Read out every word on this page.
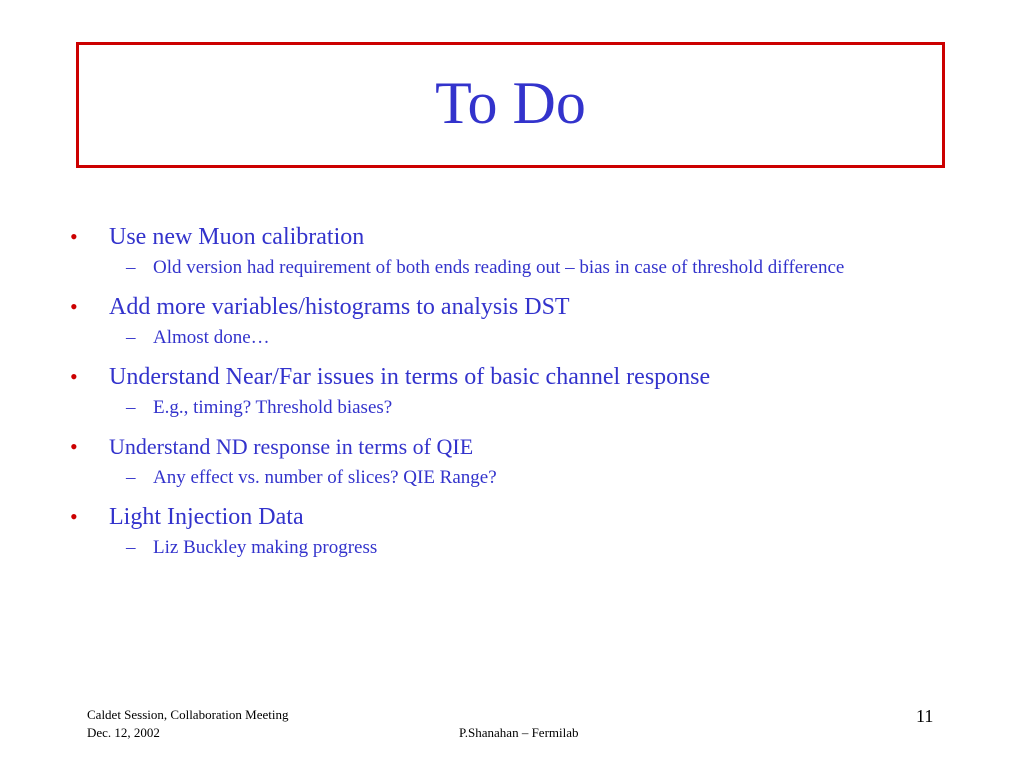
To Do
• Use new Muon calibration
– Old version had requirement of both ends reading out – bias in case of threshold difference
• Add more variables/histograms to analysis DST
– Almost done…
• Understand Near/Far issues in terms of basic channel response
– E.g., timing? Threshold biases?
• Understand ND response in terms of QIE
– Any effect vs. number of slices? QIE Range?
• Light Injection Data
– Liz Buckley making progress
Caldet Session, Collaboration Meeting
Dec. 12, 2002	P.Shanahan – Fermilab
11
